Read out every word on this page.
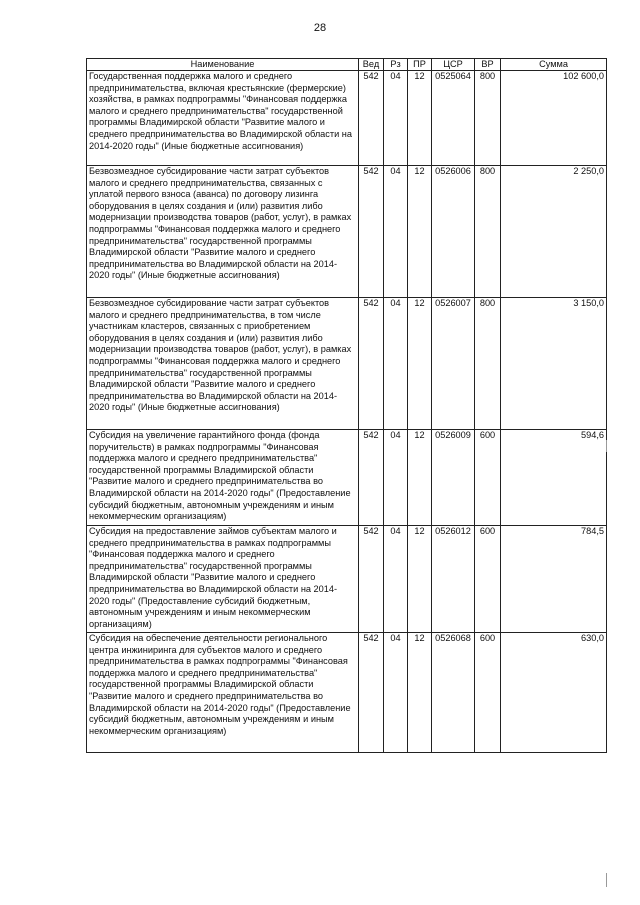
28
Наименование	Вед	Рз	ПР	ЦСР	ВР	Сумма
Государственная поддержка малого и среднего предпринимательства, включая крестьянские (фермерские) хозяйства, в рамках подпрограммы "Финансовая поддержка малого и среднего предпринимательства" государственной программы Владимирской области "Развитие малого и среднего предпринимательства во Владимирской области на 2014-2020 годы" (Иные бюджетные ассигнования)	542	04	12	0525064	800	102 600,0
Безвозмездное субсидирование части затрат субъектов малого и среднего предпринимательства, связанных с уплатой первого взноса (аванса) по договору лизинга оборудования в целях создания и (или) развития либо модернизации производства товаров (работ, услуг), в рамках подпрограммы "Финансовая поддержка малого и среднего предпринимательства" государственной программы Владимирской области "Развитие малого и среднего предпринимательства во Владимирской области на 2014-2020 годы" (Иные бюджетные ассигнования)	542	04	12	0526006	800	2 250,0
Безвозмездное субсидирование части затрат субъектов малого и среднего предпринимательства, в том числе участникам кластеров, связанных с приобретением оборудования в целях создания и (или) развития либо модернизации производства товаров (работ, услуг), в рамках подпрограммы "Финансовая поддержка малого и среднего предпринимательства" государственной программы Владимирской области "Развитие малого и среднего предпринимательства во Владимирской области на 2014-2020 годы" (Иные бюджетные ассигнования)	542	04	12	0526007	800	3 150,0
Субсидия на увеличение гарантийного фонда (фонда поручительств) в рамках подпрограммы "Финансовая поддержка малого и среднего предпринимательства" государственной программы Владимирской области "Развитие малого и среднего предпринимательства во Владимирской области на 2014-2020 годы" (Предоставление субсидий бюджетным, автономным учреждениям и иным некоммерческим организациям)	542	04	12	0526009	600	594,6
Субсидия на предоставление займов субъектам малого и среднего предпринимательства в рамках подпрограммы "Финансовая поддержка малого и среднего предпринимательства" государственной программы Владимирской области "Развитие малого и среднего предпринимательства во Владимирской области на 2014-2020 годы" (Предоставление субсидий бюджетным, автономным учреждениям и иным некоммерческим организациям)	542	04	12	0526012	600	784,5
Субсидия на обеспечение деятельности регионального центра инжиниринга для субъектов малого и среднего предпринимательства в рамках подпрограммы "Финансовая поддержка малого и среднего предпринимательства" государственной программы Владимирской области "Развитие малого и среднего предпринимательства во Владимирской области на 2014-2020 годы" (Предоставление субсидий бюджетным, автономным учреждениям и иным некоммерческим организациям)	542	04	12	0526068	600	630,0
